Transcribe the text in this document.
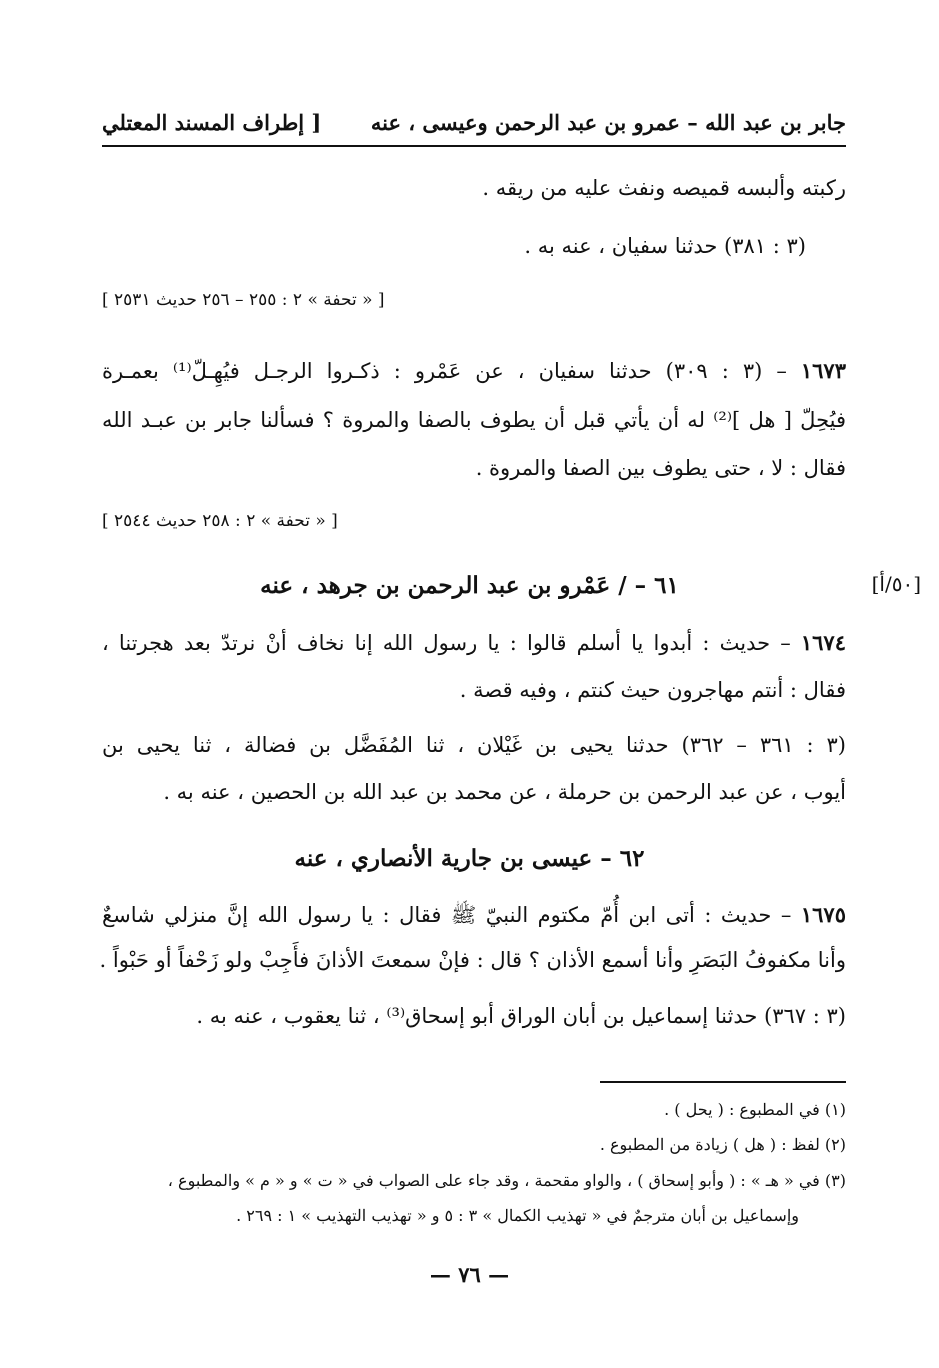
جابر بن عبد الله – عمرو بن عبد الرحمن وعيسى ، عنه
[ إطراف المسند المعتلي
ركبته وألبسه قميصه ونفث عليه من ريقه .
(٣ : ٣٨١) حدثنا سفيان ، عنه به .
[ « تحفة » ٢ : ٢٥٥ – ٢٥٦ حديث ٢٥٣١ ]
١٦٧٣ – (٣ : ٣٠٩) حدثنا سفيان ، عن عَمْرو : ذكـروا الرجـل فيُهِـلّ⁽¹⁾ بعمـرة
فيُحِلّ [ هل ]⁽²⁾ له أن يأتي قبل أن يطوف بالصفا والمروة ؟ فسألنا جابر بن عبـد الله
فقال : لا ، حتى يطوف بين الصفا والمروة .
[ « تحفة » ٢ : ٢٥٨ حديث ٢٥٤٤ ]
٦١ – / عَمْرو بن عبد الرحمن بن جرهد ، عنه	[٥٠/أ]
١٦٧٤ – حديث : أبدوا يا أسلم قالوا : يا رسول الله إنا نخاف أنْ نرتدّ بعد هجرتنا ،
فقال : أنتم مهاجرون حيث كنتم ، وفيه قصة .
(٣ : ٣٦١ – ٣٦٢) حدثنا يحيى بن غَيْلان ، ثنا المُفَضَّل بن فضالة ، ثنا يحيى بن
أيوب ، عن عبد الرحمن بن حرملة ، عن محمد بن عبد الله بن الحصين ، عنه به .
٦٢ – عيسى بن جارية الأنصاري ، عنه
١٦٧٥ – حديث : أتى ابن أُمّ مكتوم النبيّ ﷺ فقال : يا رسول الله إنَّ منزلي شاسعٌ
وأنا مكفوفُ البَصَرِ وأنا أسمع الأذان ؟ قال : فإنْ سمعتَ الأذانَ فأَجِبْ ولو زَحْفاً أو حَبْواً .
(٣ : ٣٦٧) حدثنا إسماعيل بن أبان الوراق أبو إسحاق⁽³⁾ ، ثنا يعقوب ، عنه به .
(١) في المطبوع : ( يحل ) .
(٢) لفظ : ( هل ) زيادة من المطبوع .
(٣) في « هـ » : ( وأبو إسحاق ) ، والواو مقحمة ، وقد جاء على الصواب في « ت » و « م » والمطبوع ،
وإسماعيل بن أبان مترجمٌ في « تهذيب الكمال » ٣ : ٥ و « تهذيب التهذيب » ١ : ٢٦٩ .
— ٧٦ —
